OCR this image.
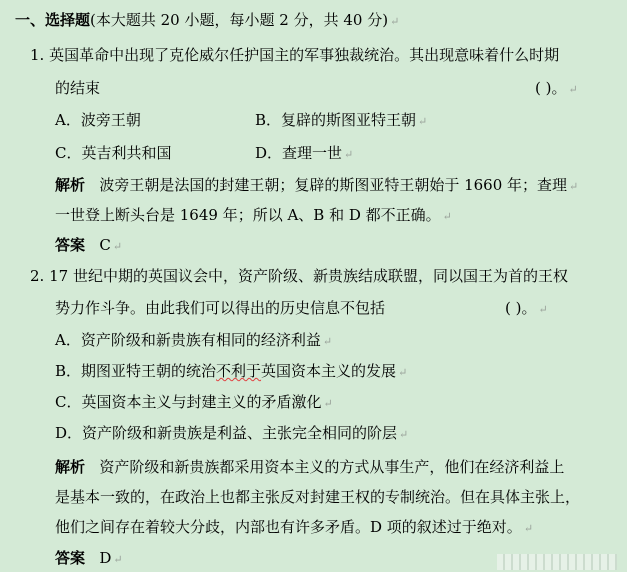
一、选择题(本大题共 20 小题，每小题 2 分，共 40 分) ↵
1. 英国革命中出现了克伦威尔任护国主的军事独裁统治。其出现意味着什么时期
的结束	( )。 ↵
A．波旁王朝	B．复辟的斯图亚特王朝 ↵
C．英吉利共和国	D．查理一世 ↵
解析 波旁王朝是法国的封建王朝；复辟的斯图亚特王朝始于 1660 年；查理 ↵
一世登上断头台是 1649 年；所以 A、B 和 D 都不正确。 ↵
答案 C ↵
2. 17 世纪中期的英国议会中，资产阶级、新贵族结成联盟，同以国王为首的王权
势力作斗争。由此我们可以得出的历史信息不包括	( )。 ↵
A．资产阶级和新贵族有相同的经济利益 ↵
B．期图亚特王朝的统治不利于英国资本主义的发展 ↵
C．英国资本主义与封建主义的矛盾激化 ↵
D．资产阶级和新贵族是利益、主张完全相同的阶层 ↵
解析 资产阶级和新贵族都采用资本主义的方式从事生产，他们在经济利益上
是基本一致的，在政治上也都主张反对封建王权的专制统治。但在具体主张上，
他们之间存在着较大分歧，内部也有许多矛盾。D 项的叙述过于绝对。 ↵
答案 D ↵
